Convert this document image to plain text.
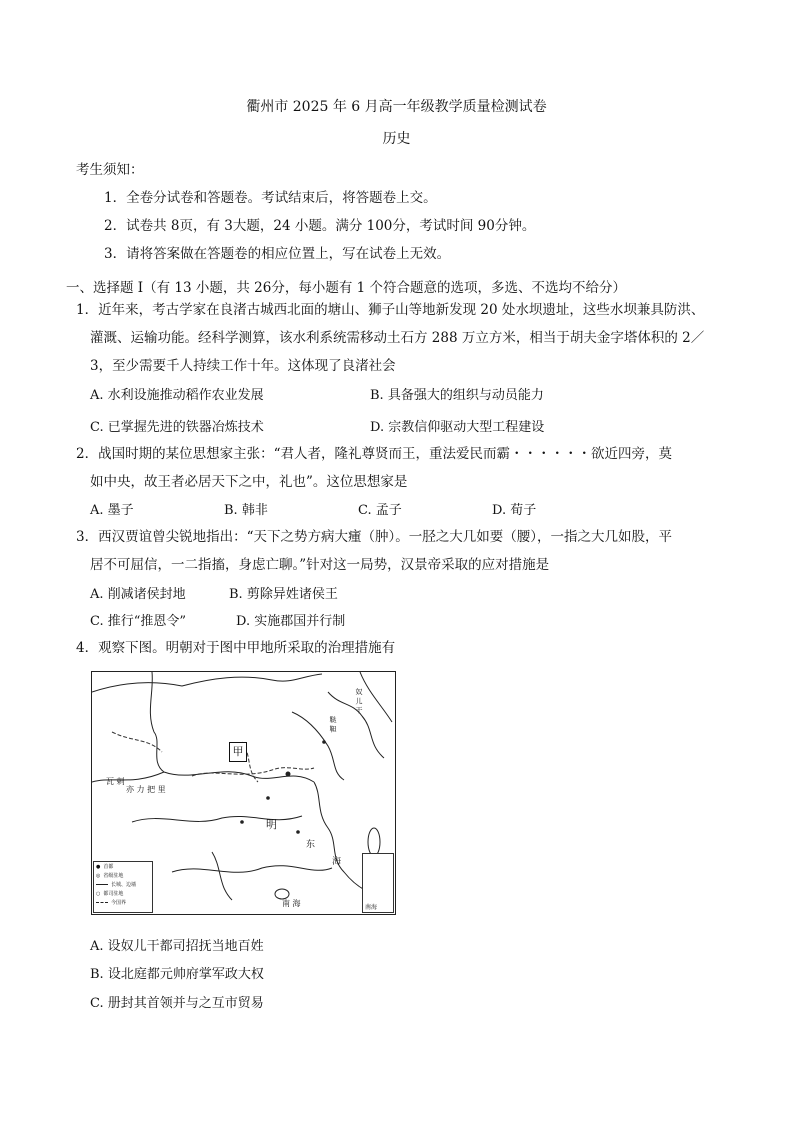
衢州市 2025 年 6 月高一年级教学质量检测试卷
历史
考生须知：
1．全卷分试卷和答题卷。考试结束后，将答题卷上交。
2．试卷共 8页，有 3大题，24 小题。满分 100分，考试时间 90分钟。
3．请将答案做在答题卷的相应位置上，写在试卷上无效。
一、选择题 I（有 13 小题，共 26分，每小题有 1 个符合题意的选项，多选、不选均不给分）
1．近年来，考古学家在良渚古城西北面的塘山、狮子山等地新发现 20 处水坝遗址，这些水坝兼具防洪、
灌溉、运输功能。经科学测算，该水利系统需移动土石方 288 万立方米，相当于胡夫金字塔体积的 2／
3，至少需要千人持续工作十年。这体现了良渚社会
A. 水利设施推动稻作农业发展	B. 具备强大的组织与动员能力
C. 已掌握先进的铁器冶炼技术	D. 宗教信仰驱动大型工程建设
2．战国时期的某位思想家主张：“君人者，隆礼尊贤而王，重法爱民而霸・・・・・・欲近四旁，莫
如中央，故王者必居天下之中，礼也”。这位思想家是
A. 墨子	B. 韩非	C. 孟子	D. 荀子
3．西汉贾谊曾尖锐地指出：“天下之势方病大瘇（肿）。一胫之大几如要（腰），一指之大几如股，平
居不可屈信，一二指搐，身虑亡聊。”针对这一局势，汉景帝采取的应对措施是
A. 削减诸侯封地	B. 剪除异姓诸侯王
C. 推行“推恩令”	D. 实施郡国并行制
4．观察下图。明朝对于图中甲地所采取的治理措施有
甲
瓦 剌
亦 力 把 里
明
东
海
南 海
鞑 靼
奴 儿 干
● 首都
◎ 省级驻地
长城、边墙
○ 都司驻地
今国界
南海
A. 设奴儿干都司招抚当地百姓
B. 设北庭都元帅府掌军政大权
C. 册封其首领并与之互市贸易
